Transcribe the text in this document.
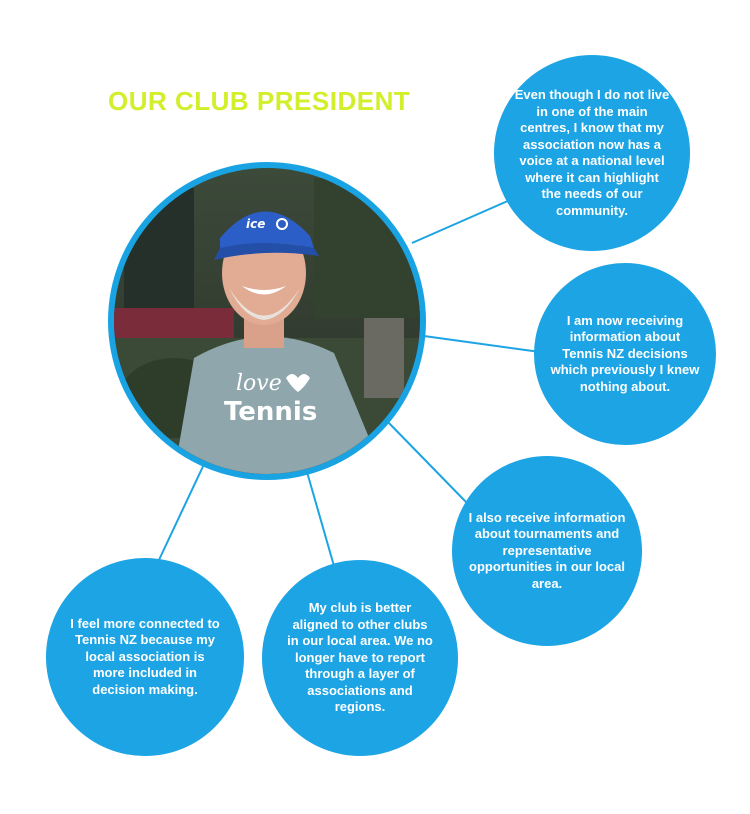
OUR CLUB PRESIDENT
ice
love
Tennis
Even though I do not live in one of the main centres, I know that my association now has a voice at a national level where it can highlight the needs of our community.
I am now receiving information about Tennis NZ decisions which previously I knew nothing about.
I also receive information about tournaments and representative opportunities in our local area.
My club is better aligned to other clubs in our local area. We no longer have to report through a layer of associations and regions.
I feel more connected to Tennis NZ because my local association is more included in decision making.
